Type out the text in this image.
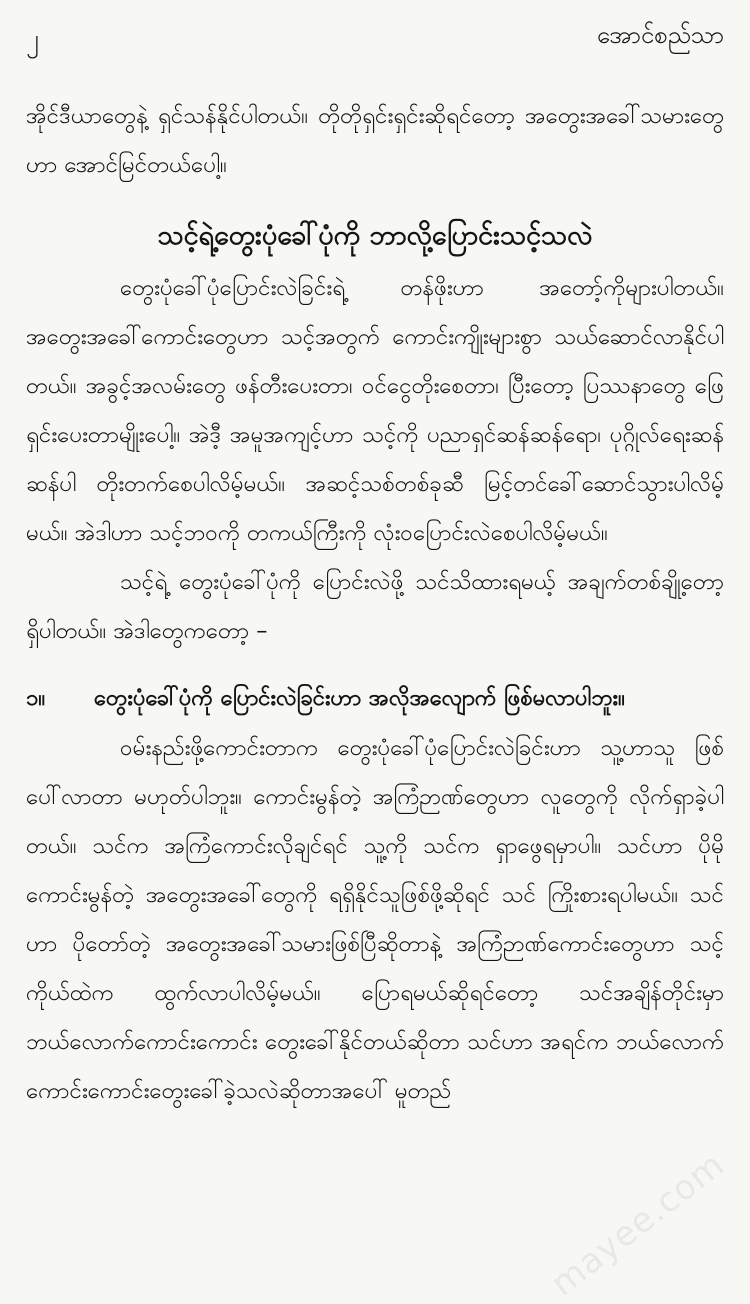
၂	အောင်စည်သာ

အိုင်ဒီယာတွေနဲ့ ရှင်သန်နိုင်ပါတယ်။ တိုတိုရှင်းရှင်းဆိုရင်တော့ အတွေးအခေါ်သမားတွေဟာ အောင်မြင်တယ်ပေါ့။

သင့်ရဲ့တွေးပုံခေါ်ပုံကို ဘာလို့ပြောင်းသင့်သလဲ

တွေးပုံခေါ်ပုံပြောင်းလဲခြင်းရဲ့ တန်ဖိုးဟာ အတော့်ကိုများပါတယ်။ အတွေးအခေါ်ကောင်းတွေဟာ သင့်အတွက် ကောင်းကျိုးများစွာ သယ်ဆောင်လာနိုင်ပါတယ်။ အခွင့်အလမ်းတွေ ဖန်တီးပေးတာ၊ ဝင်ငွေတိုးစေတာ၊ ပြီးတော့ ပြဿနာတွေ ဖြေရှင်းပေးတာမျိုးပေါ့။ အဲဒီ့ အမူအကျင့်ဟာ သင့်ကို ပညာရှင်ဆန်ဆန်ရော၊ ပုဂ္ဂိုလ်ရေးဆန်ဆန်ပါ တိုးတက်စေပါလိမ့်မယ်။ အဆင့်သစ်တစ်ခုဆီ မြင့်တင်ခေါ်ဆောင်သွားပါလိမ့်မယ်။ အဲဒါဟာ သင့်ဘဝကို တကယ်ကြီးကို လုံးဝပြောင်းလဲစေပါလိမ့်မယ်။

သင့်ရဲ့ တွေးပုံခေါ်ပုံကို ပြောင်းလဲဖို့ သင်သိထားရမယ့် အချက်တစ်ချို့တော့ ရှိပါတယ်။ အဲဒါတွေကတော့ –

၁။	တွေးပုံခေါ်ပုံကို ပြောင်းလဲခြင်းဟာ အလိုအလျောက် ဖြစ်မလာပါဘူး။

ဝမ်းနည်းဖို့ကောင်းတာက တွေးပုံခေါ်ပုံပြောင်းလဲခြင်းဟာ သူ့ဟာသူ ဖြစ်ပေါ်လာတာ မဟုတ်ပါဘူး။ ကောင်းမွန်တဲ့ အကြံဉာဏ်တွေဟာ လူတွေကို လိုက်ရှာခဲ့ပါတယ်။ သင်က အကြံကောင်းလိုချင်ရင် သူ့ကို သင်က ရှာဖွေရမှာပါ။ သင်ဟာ ပိုမိုကောင်းမွန်တဲ့ အတွေးအခေါ်တွေကို ရရှိနိုင်သူဖြစ်ဖို့ဆိုရင် သင် ကြိုးစားရပါမယ်။ သင်ဟာ ပိုတော်တဲ့ အတွေးအခေါ်သမားဖြစ်ပြီဆိုတာနဲ့ အကြံဉာဏ်ကောင်းတွေဟာ သင့်ကိုယ်ထဲက ထွက်လာပါလိမ့်မယ်။ ပြောရမယ်ဆိုရင်တော့ သင်အချိန်တိုင်းမှာ ဘယ်လောက်ကောင်းကောင်း တွေးခေါ်နိုင်တယ်ဆိုတာ သင်ဟာ အရင်က ဘယ်လောက်ကောင်းကောင်းတွေးခေါ်ခဲ့သလဲဆိုတာအပေါ် မူတည်

mayee.com
